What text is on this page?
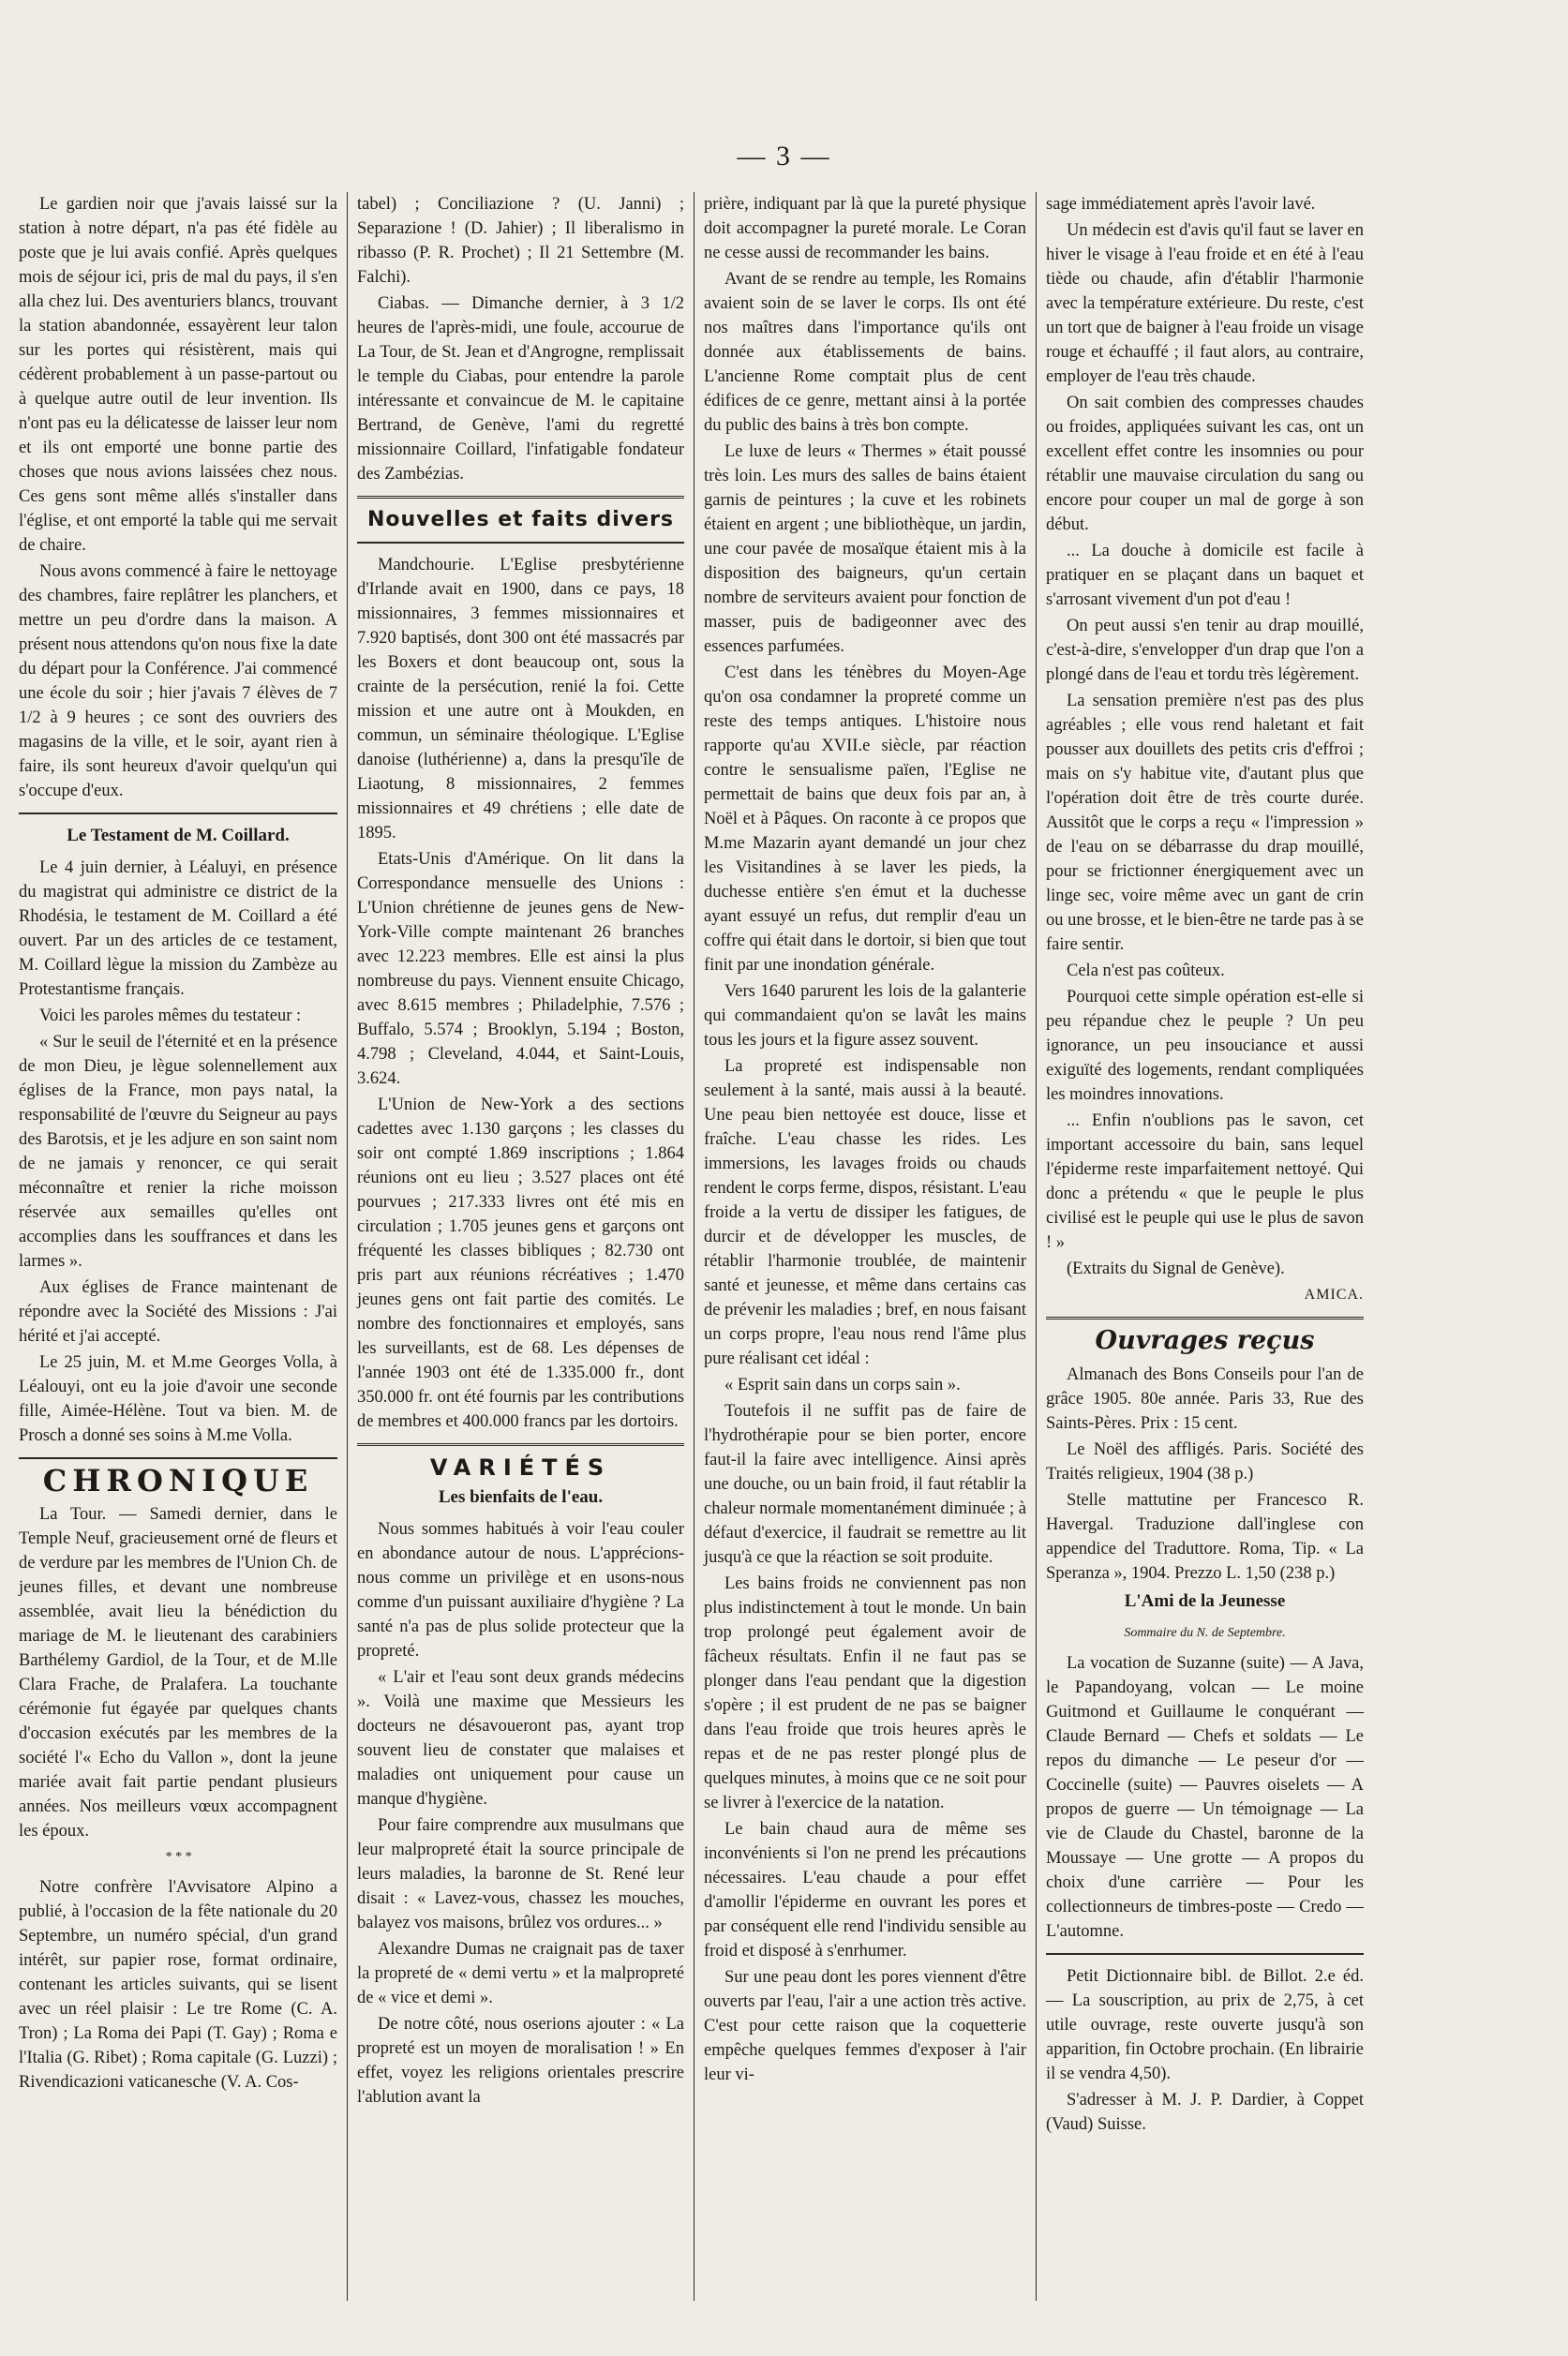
— 3 —

Le gardien noir que j'avais laissé sur la station à notre départ, n'a pas été fidèle au poste que je lui avais confié. Après quelques mois de séjour ici, pris de mal du pays, il s'en alla chez lui. Des aventuriers blancs, trouvant la station abandonnée, essayèrent leur talon sur les portes qui résistèrent, mais qui cédèrent probablement à un passe-partout ou à quelque autre outil de leur invention. Ils n'ont pas eu la délicatesse de laisser leur nom et ils ont emporté une bonne partie des choses que nous avions laissées chez nous. Ces gens sont même allés s'installer dans l'église, et ont emporté la table qui me servait de chaire.

Nous avons commencé à faire le nettoyage des chambres, faire replâtrer les planchers, et mettre un peu d'ordre dans la maison. A présent nous attendons qu'on nous fixe la date du départ pour la Conférence. J'ai commencé une école du soir ; hier j'avais 7 élèves de 7 1/2 à 9 heures ; ce sont des ouvriers des magasins de la ville, et le soir, ayant rien à faire, ils sont heureux d'avoir quelqu'un qui s'occupe d'eux.

Le Testament de M. Coillard.

Le 4 juin dernier, à Léaluyi, en présence du magistrat qui administre ce district de la Rhodésia, le testament de M. Coillard a été ouvert. Par un des articles de ce testament, M. Coillard lègue la mission du Zambèze au Protestantisme français.

Voici les paroles mêmes du testateur :

« Sur le seuil de l'éternité et en la présence de mon Dieu, je lègue solennellement aux églises de la France, mon pays natal, la responsabilité de l'œuvre du Seigneur au pays des Barotsis, et je les adjure en son saint nom de ne jamais y renoncer, ce qui serait méconnaître et renier la riche moisson réservée aux semailles qu'elles ont accomplies dans les souffrances et dans les larmes ».

Aux églises de France maintenant de répondre avec la Société des Missions : J'ai hérité et j'ai accepté.

Le 25 juin, M. et M.me Georges Volla, à Léalouyi, ont eu la joie d'avoir une seconde fille, Aimée-Hélène. Tout va bien. M. de Prosch a donné ses soins à M.me Volla.

CHRONIQUE

La Tour. — Samedi dernier, dans le Temple Neuf, gracieusement orné de fleurs et de verdure par les membres de l'Union Ch. de jeunes filles, et devant une nombreuse assemblée, avait lieu la bénédiction du mariage de M. le lieutenant des carabiniers Barthélemy Gardiol, de la Tour, et de M.lle Clara Frache, de Pralafera. La touchante cérémonie fut égayée par quelques chants d'occasion exécutés par les membres de la société l'« Echo du Vallon », dont la jeune mariée avait fait partie pendant plusieurs années. Nos meilleurs vœux accompagnent les époux.

* * *

Notre confrère l'Avvisatore Alpino a publié, à l'occasion de la fête nationale du 20 Septembre, un numéro spécial, d'un grand intérêt, sur papier rose, format ordinaire, contenant les articles suivants, qui se lisent avec un réel plaisir : Le tre Rome (C. A. Tron) ; La Roma dei Papi (T. Gay) ; Roma e l'Italia (G. Ribet) ; Roma capitale (G. Luzzi) ; Rivendicazioni vaticanesche (V. A. Cos-

tabel) ; Conciliazione ? (U. Janni) ; Separazione ! (D. Jahier) ; Il liberalismo in ribasso (P. R. Prochet) ; Il 21 Settembre (M. Falchi).

Ciabas. — Dimanche dernier, à 3 1/2 heures de l'après-midi, une foule, accourue de La Tour, de St. Jean et d'Angrogne, remplissait le temple du Ciabas, pour entendre la parole intéressante et convaincue de M. le capitaine Bertrand, de Genève, l'ami du regretté missionnaire Coillard, l'infatigable fondateur des Zambézias.

Nouvelles et faits divers

Mandchourie. L'Eglise presbytérienne d'Irlande avait en 1900, dans ce pays, 18 missionnaires, 3 femmes missionnaires et 7.920 baptisés, dont 300 ont été massacrés par les Boxers et dont beaucoup ont, sous la crainte de la persécution, renié la foi. Cette mission et une autre ont à Moukden, en commun, un séminaire théologique. L'Eglise danoise (luthérienne) a, dans la presqu'île de Liaotung, 8 missionnaires, 2 femmes missionnaires et 49 chrétiens ; elle date de 1895.

Etats-Unis d'Amérique. On lit dans la Correspondance mensuelle des Unions : L'Union chrétienne de jeunes gens de New-York-Ville compte maintenant 26 branches avec 12.223 membres. Elle est ainsi la plus nombreuse du pays. Viennent ensuite Chicago, avec 8.615 membres ; Philadelphie, 7.576 ; Buffalo, 5.574 ; Brooklyn, 5.194 ; Boston, 4.798 ; Cleveland, 4.044, et Saint-Louis, 3.624.

L'Union de New-York a des sections cadettes avec 1.130 garçons ; les classes du soir ont compté 1.869 inscriptions ; 1.864 réunions ont eu lieu ; 3.527 places ont été pourvues ; 217.333 livres ont été mis en circulation ; 1.705 jeunes gens et garçons ont fréquenté les classes bibliques ; 82.730 ont pris part aux réunions récréatives ; 1.470 jeunes gens ont fait partie des comités. Le nombre des fonctionnaires et employés, sans les surveillants, est de 68. Les dépenses de l'année 1903 ont été de 1.335.000 fr., dont 350.000 fr. ont été fournis par les contributions de membres et 400.000 francs par les dortoirs.

VARIÉTÉS
Les bienfaits de l'eau.

Nous sommes habitués à voir l'eau couler en abondance autour de nous. L'apprécions-nous comme un privilège et en usons-nous comme d'un puissant auxiliaire d'hygiène ? La santé n'a pas de plus solide protecteur que la propreté.

« L'air et l'eau sont deux grands médecins ». Voilà une maxime que Messieurs les docteurs ne désavoueront pas, ayant trop souvent lieu de constater que malaises et maladies ont uniquement pour cause un manque d'hygiène.

Pour faire comprendre aux musulmans que leur malpropreté était la source principale de leurs maladies, la baronne de St. René leur disait : « Lavez-vous, chassez les mouches, balayez vos maisons, brûlez vos ordures... »

Alexandre Dumas ne craignait pas de taxer la propreté de « demi vertu » et la malpropreté de « vice et demi ».

De notre côté, nous oserions ajouter : « La propreté est un moyen de moralisation ! » En effet, voyez les religions orientales prescrire l'ablution avant la

prière, indiquant par là que la pureté physique doit accompagner la pureté morale. Le Coran ne cesse aussi de recommander les bains.

Avant de se rendre au temple, les Romains avaient soin de se laver le corps. Ils ont été nos maîtres dans l'importance qu'ils ont donnée aux établissements de bains. L'ancienne Rome comptait plus de cent édifices de ce genre, mettant ainsi à la portée du public des bains à très bon compte.

Le luxe de leurs « Thermes » était poussé très loin. Les murs des salles de bains étaient garnis de peintures ; la cuve et les robinets étaient en argent ; une bibliothèque, un jardin, une cour pavée de mosaïque étaient mis à la disposition des baigneurs, qu'un certain nombre de serviteurs avaient pour fonction de masser, puis de badigeonner avec des essences parfumées.

C'est dans les ténèbres du Moyen-Age qu'on osa condamner la propreté comme un reste des temps antiques. L'histoire nous rapporte qu'au XVII.e siècle, par réaction contre le sensualisme païen, l'Eglise ne permettait de bains que deux fois par an, à Noël et à Pâques. On raconte à ce propos que M.me Mazarin ayant demandé un jour chez les Visitandines à se laver les pieds, la duchesse entière s'en émut et la duchesse ayant essuyé un refus, dut remplir d'eau un coffre qui était dans le dortoir, si bien que tout finit par une inondation générale.

Vers 1640 parurent les lois de la galanterie qui commandaient qu'on se lavât les mains tous les jours et la figure assez souvent.

La propreté est indispensable non seulement à la santé, mais aussi à la beauté. Une peau bien nettoyée est douce, lisse et fraîche. L'eau chasse les rides. Les immersions, les lavages froids ou chauds rendent le corps ferme, dispos, résistant. L'eau froide a la vertu de dissiper les fatigues, de durcir et de développer les muscles, de rétablir l'harmonie troublée, de maintenir santé et jeunesse, et même dans certains cas de prévenir les maladies ; bref, en nous faisant un corps propre, l'eau nous rend l'âme plus pure réalisant cet idéal :

« Esprit sain dans un corps sain ».

Toutefois il ne suffit pas de faire de l'hydrothérapie pour se bien porter, encore faut-il la faire avec intelligence. Ainsi après une douche, ou un bain froid, il faut rétablir la chaleur normale momentanément diminuée ; à défaut d'exercice, il faudrait se remettre au lit jusqu'à ce que la réaction se soit produite.

Les bains froids ne conviennent pas non plus indistinctement à tout le monde. Un bain trop prolongé peut également avoir de fâcheux résultats. Enfin il ne faut pas se plonger dans l'eau pendant que la digestion s'opère ; il est prudent de ne pas se baigner dans l'eau froide que trois heures après le repas et de ne pas rester plongé plus de quelques minutes, à moins que ce ne soit pour se livrer à l'exercice de la natation.

Le bain chaud aura de même ses inconvénients si l'on ne prend les précautions nécessaires. L'eau chaude a pour effet d'amollir l'épiderme en ouvrant les pores et par conséquent elle rend l'individu sensible au froid et disposé à s'enrhumer.

Sur une peau dont les pores viennent d'être ouverts par l'eau, l'air a une action très active. C'est pour cette raison que la coquetterie empêche quelques femmes d'exposer à l'air leur vi-

sage immédiatement après l'avoir lavé.

Un médecin est d'avis qu'il faut se laver en hiver le visage à l'eau froide et en été à l'eau tiède ou chaude, afin d'établir l'harmonie avec la température extérieure. Du reste, c'est un tort que de baigner à l'eau froide un visage rouge et échauffé ; il faut alors, au contraire, employer de l'eau très chaude.

On sait combien des compresses chaudes ou froides, appliquées suivant les cas, ont un excellent effet contre les insomnies ou pour rétablir une mauvaise circulation du sang ou encore pour couper un mal de gorge à son début.

... La douche à domicile est facile à pratiquer en se plaçant dans un baquet et s'arrosant vivement d'un pot d'eau !

On peut aussi s'en tenir au drap mouillé, c'est-à-dire, s'envelopper d'un drap que l'on a plongé dans de l'eau et tordu très légèrement.

La sensation première n'est pas des plus agréables ; elle vous rend haletant et fait pousser aux douillets des petits cris d'effroi ; mais on s'y habitue vite, d'autant plus que l'opération doit être de très courte durée. Aussitôt que le corps a reçu « l'impression » de l'eau on se débarrasse du drap mouillé, pour se frictionner énergiquement avec un linge sec, voire même avec un gant de crin ou une brosse, et le bien-être ne tarde pas à se faire sentir.

Cela n'est pas coûteux.

Pourquoi cette simple opération est-elle si peu répandue chez le peuple ? Un peu ignorance, un peu insouciance et aussi exiguïté des logements, rendant compliquées les moindres innovations.

... Enfin n'oublions pas le savon, cet important accessoire du bain, sans lequel l'épiderme reste imparfaitement nettoyé. Qui donc a prétendu « que le peuple le plus civilisé est le peuple qui use le plus de savon ! »

(Extraits du Signal de Genève).

AMICA.
Ouvrages reçus

Almanach des Bons Conseils pour l'an de grâce 1905. 80e année. Paris 33, Rue des Saints-Pères. Prix : 15 cent.

Le Noël des affligés. Paris. Société des Traités religieux, 1904 (38 p.)

Stelle mattutine per Francesco R. Havergal. Traduzione dall'inglese con appendice del Traduttore. Roma, Tip. « La Speranza », 1904. Prezzo L. 1,50 (238 p.)

L'Ami de la Jeunesse
Sommaire du N. de Septembre.

La vocation de Suzanne (suite) — A Java, le Papandoyang, volcan — Le moine Guitmond et Guillaume le conquérant — Claude Bernard — Chefs et soldats — Le repos du dimanche — Le peseur d'or — Coccinelle (suite) — Pauvres oiselets — A propos de guerre — Un témoignage — La vie de Claude du Chastel, baronne de la Moussaye — Une grotte — A propos du choix d'une carrière — Pour les collectionneurs de timbres-poste — Credo — L'automne.

Petit Dictionnaire bibl. de Billot. 2.e éd. — La souscription, au prix de 2,75, à cet utile ouvrage, reste ouverte jusqu'à son apparition, fin Octobre prochain. (En librairie il se vendra 4,50).

S'adresser à M. J. P. Dardier, à Coppet (Vaud) Suisse.
